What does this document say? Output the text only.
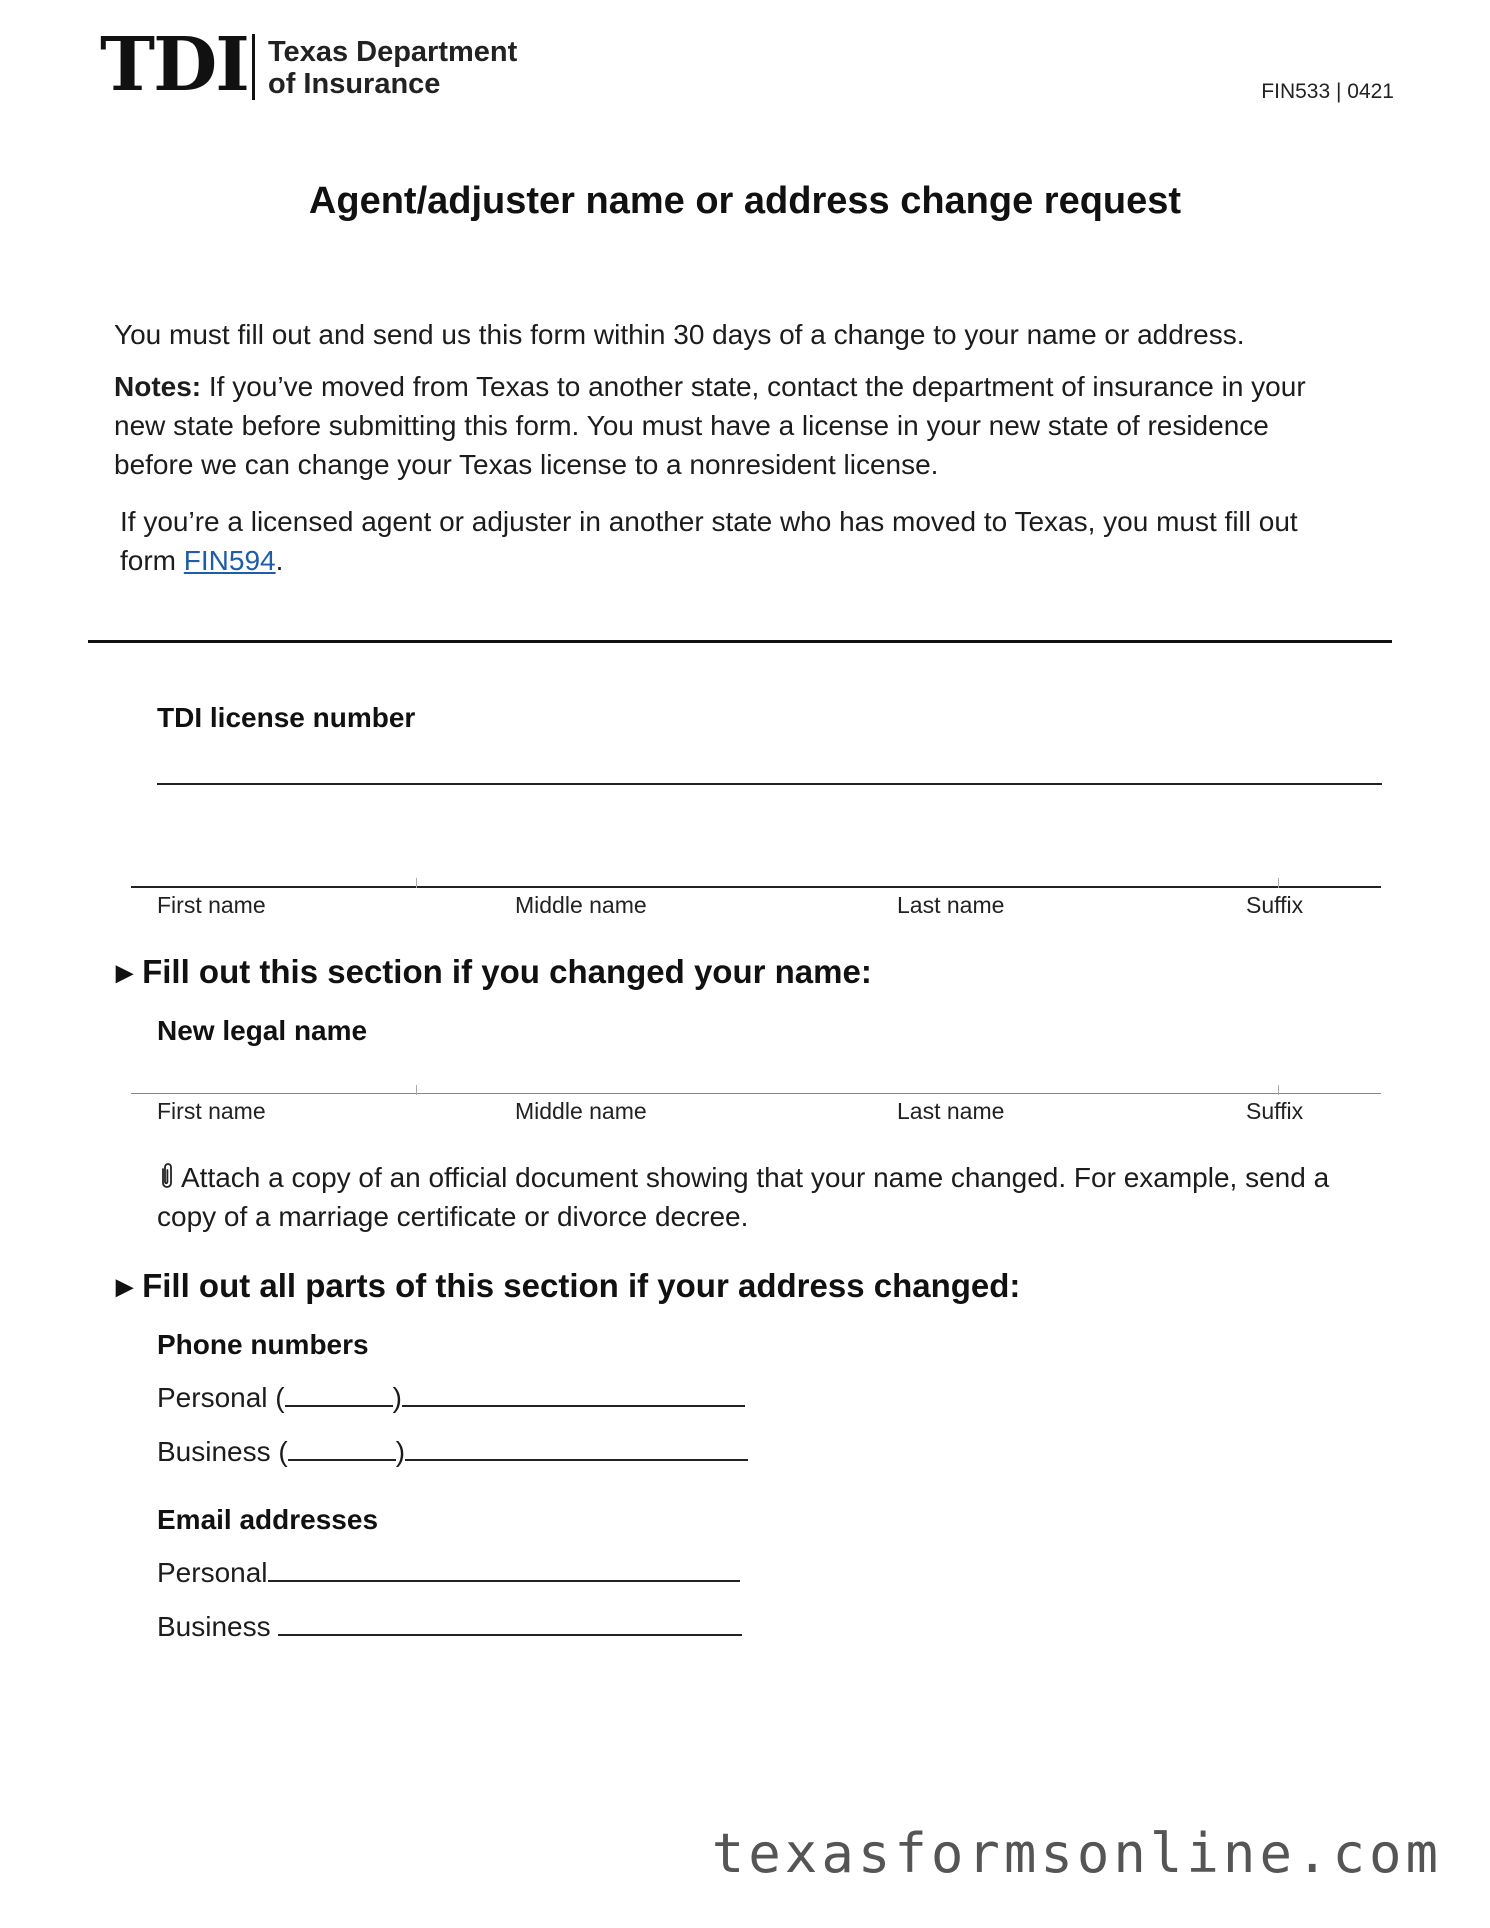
TDI Texas Department
of Insurance	FIN533 | 0421
Agent/adjuster name or address change request
You must fill out and send us this form within 30 days of a change to your name or address.
Notes: If you’ve moved from Texas to another state, contact the department of insurance in your
new state before submitting this form. You must have a license in your new state of residence
before we can change your Texas license to a nonresident license.
If you’re a licensed agent or adjuster in another state who has moved to Texas, you must fill out
form FIN594.
TDI license number
First name	Middle name	Last name	Suffix
▶ Fill out this section if you changed your name:
New legal name
First name	Middle name	Last name	Suffix
Attach a copy of an official document showing that your name changed. For example, send a
copy of a marriage certificate or divorce decree.
▶ Fill out all parts of this section if your address changed:
Phone numbers
Personal (	)
Business (	)
Email addresses
Personal
Business
texasformsonline.com
